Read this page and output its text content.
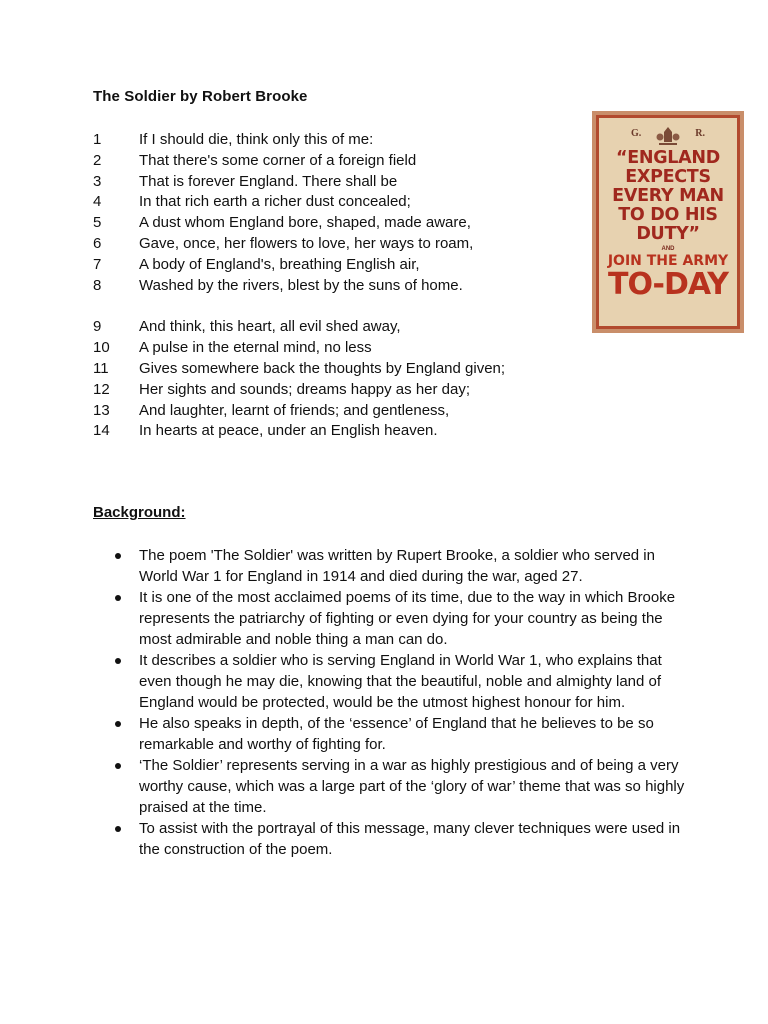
The Soldier by Robert Brooke
1	If I should die, think only this of me:
2	That there's some corner of a foreign field
3	That is forever England. There shall be
4	In that rich earth a richer dust concealed;
5	A dust whom England bore, shaped, made aware,
6	Gave, once, her flowers to love, her ways to roam,
7	A body of England's, breathing English air,
8	Washed by the rivers, blest by the suns of home.
9	And think, this heart, all evil shed away,
10	A pulse in the eternal mind, no less
11	Gives somewhere back the thoughts by England given;
12	Her sights and sounds; dreams happy as her day;
13	And laughter, learnt of friends; and gentleness,
14	In hearts at peace, under an English heaven.
G.	R.
“ENGLAND
EXPECTS
EVERY MAN
TO DO HIS
DUTY”
AND
JOIN THE ARMY
TO-DAY
Background:
The poem 'The Soldier' was written by Rupert Brooke, a soldier who served in World War 1 for England in 1914 and died during the war, aged 27.
It is one of the most acclaimed poems of its time, due to the way in which Brooke represents the patriarchy of fighting or even dying for your country as being the most admirable and noble thing a man can do.
It describes a soldier who is serving England in World War 1, who explains that even though he may die, knowing that the beautiful, noble and almighty land of England would be protected, would be the utmost highest honour for him.
He also speaks in depth, of the ‘essence’ of England that he believes to be so remarkable and worthy of fighting for.
‘The Soldier’ represents serving in a war as highly prestigious and of being a very worthy cause, which was a large part of the ‘glory of war’ theme that was so highly praised at the time.
To assist with the portrayal of this message, many clever techniques were used in the construction of the poem.
